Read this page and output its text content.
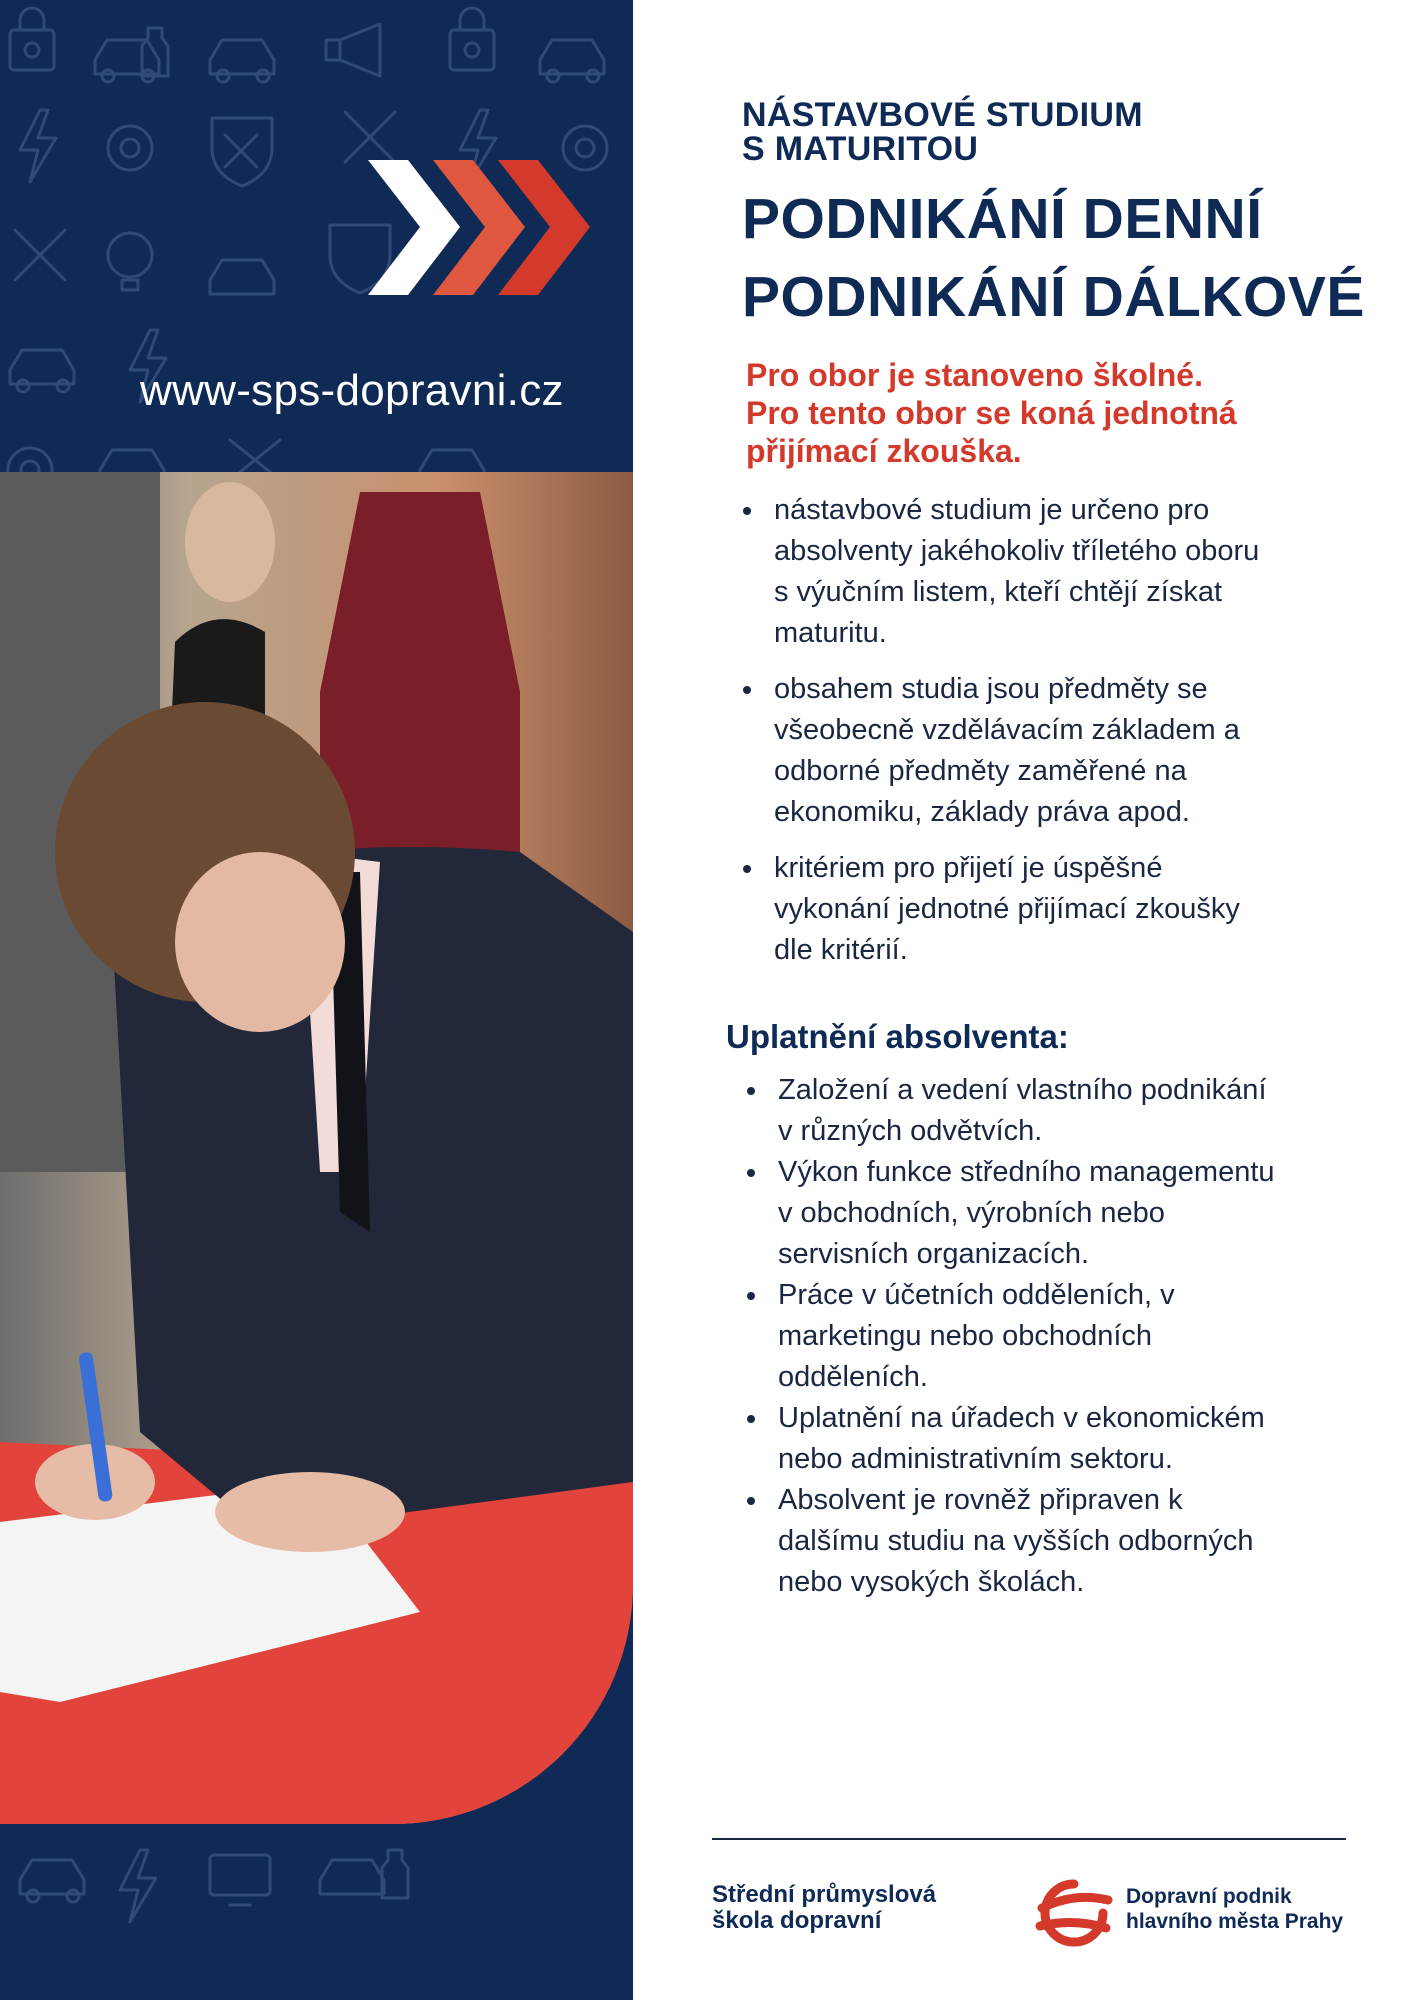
www-sps-dopravni.cz
NÁSTAVBOVÉ STUDIUM
S MATURITOU
PODNIKÁNÍ DENNÍ
PODNIKÁNÍ DÁLKOVÉ
Pro obor je stanoveno školné.
Pro tento obor se koná jednotná
přijímací zkouška.
nástavbové studium je určeno pro
absolventy jakéhokoliv tříletého oboru
s výučním listem, kteří chtějí získat
maturitu.
obsahem studia jsou předměty se
všeobecně vzdělávacím základem a
odborné předměty zaměřené na
ekonomiku, základy práva apod.
kritériem pro přijetí je úspěšné
vykonání jednotné přijímací zkoušky
dle kritérií.
Uplatnění absolventa:
Založení a vedení vlastního podnikání
v různých odvětvích.
Výkon funkce středního managementu
v obchodních, výrobních nebo
servisních organizacích.
Práce v účetních odděleních, v
marketingu nebo obchodních
odděleních.
Uplatnění na úřadech v ekonomickém
nebo administrativním sektoru.
Absolvent je rovněž připraven k
dalšímu studiu na vyšších odborných
nebo vysokých školách.
Střední průmyslová
škola dopravní
Dopravní podnik
hlavního města Prahy
